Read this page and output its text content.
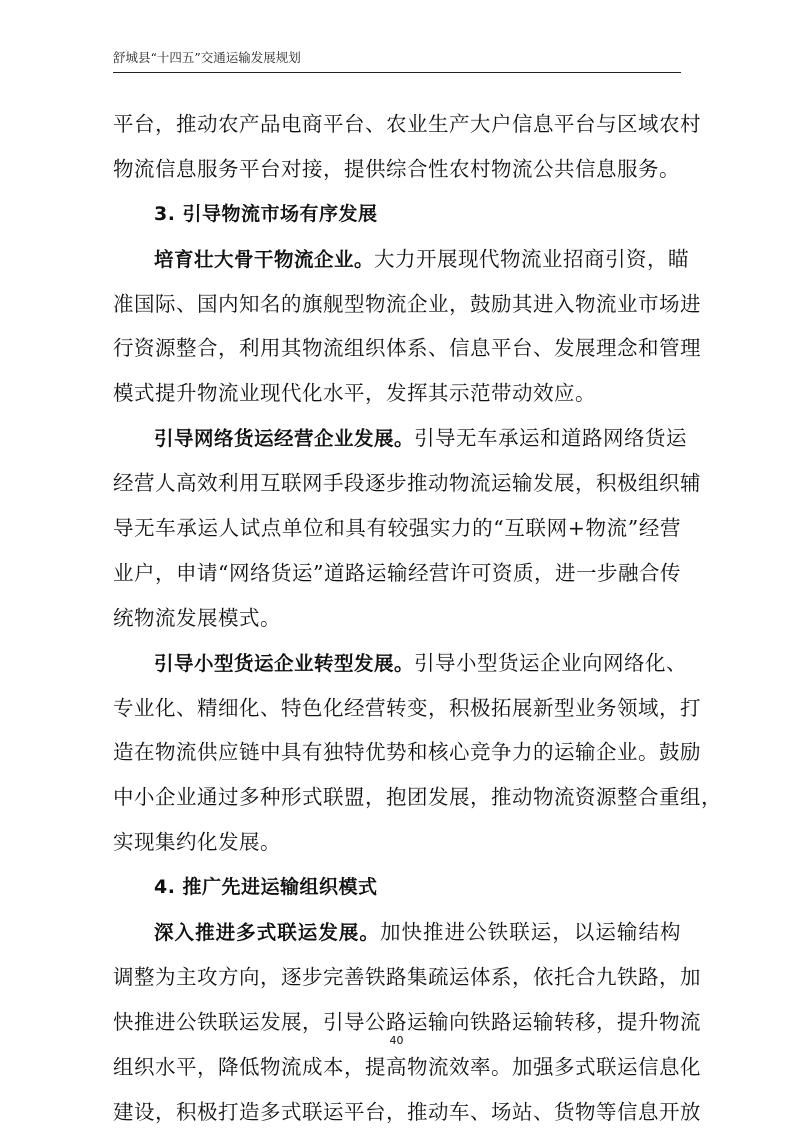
舒城县“十四五”交通运输发展规划
平台，推动农产品电商平台、农业生产大户信息平台与区域农村
物流信息服务平台对接，提供综合性农村物流公共信息服务。
3. 引导物流市场有序发展
培育壮大骨干物流企业。大力开展现代物流业招商引资，瞄
准国际、国内知名的旗舰型物流企业，鼓励其进入物流业市场进
行资源整合，利用其物流组织体系、信息平台、发展理念和管理
模式提升物流业现代化水平，发挥其示范带动效应。
引导网络货运经营企业发展。引导无车承运和道路网络货运
经营人高效利用互联网手段逐步推动物流运输发展，积极组织辅
导无车承运人试点单位和具有较强实力的“互联网+物流”经营
业户，申请“网络货运”道路运输经营许可资质，进一步融合传
统物流发展模式。
引导小型货运企业转型发展。引导小型货运企业向网络化、
专业化、精细化、特色化经营转变，积极拓展新型业务领域，打
造在物流供应链中具有独特优势和核心竞争力的运输企业。鼓励
中小企业通过多种形式联盟，抱团发展，推动物流资源整合重组，
实现集约化发展。
4. 推广先进运输组织模式
深入推进多式联运发展。加快推进公铁联运，以运输结构
调整为主攻方向，逐步完善铁路集疏运体系，依托合九铁路，加
快推进公铁联运发展，引导公路运输向铁路运输转移，提升物流
组织水平，降低物流成本，提高物流效率。加强多式联运信息化
建设，积极打造多式联运平台，推动车、场站、货物等信息开放
40
